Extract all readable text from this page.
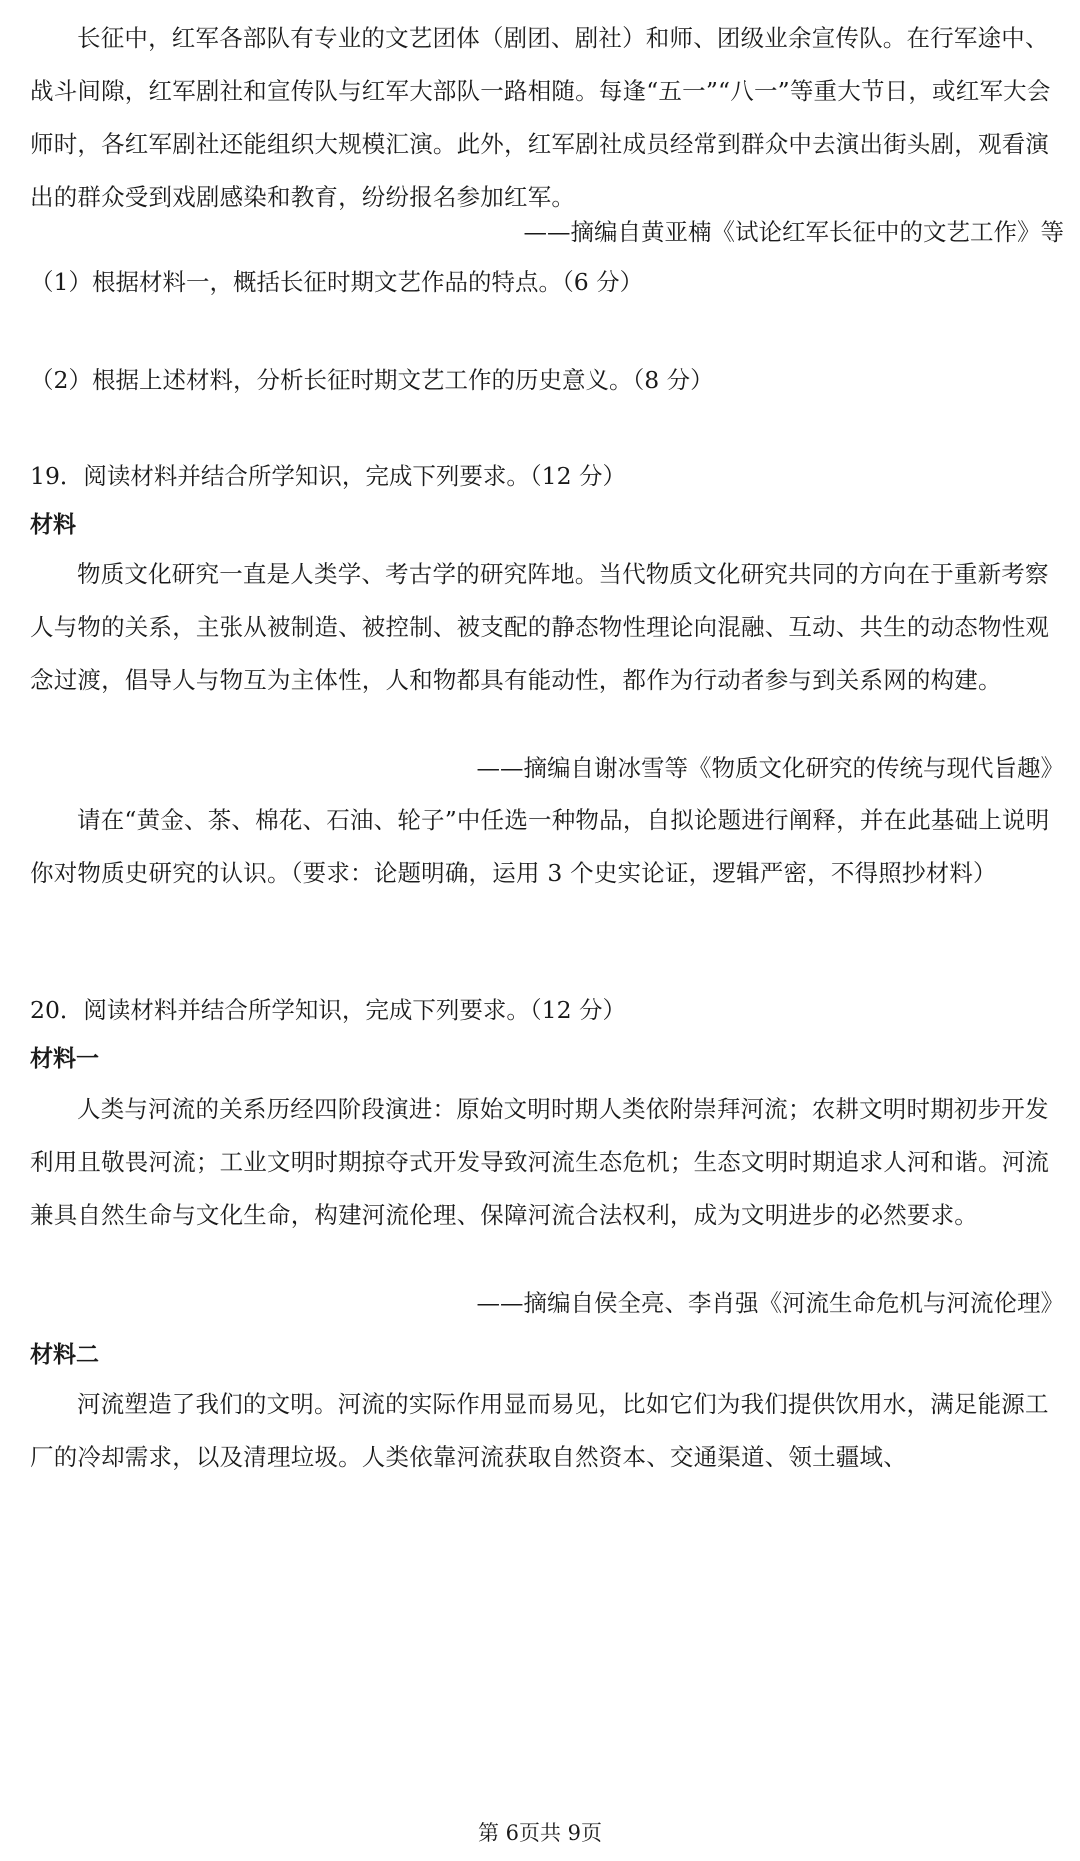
长征中，红军各部队有专业的文艺团体（剧团、剧社）和师、团级业余宣传队。在行军途中、战斗间隙，红军剧社和宣传队与红军大部队一路相随。每逢“五一”“八一”等重大节日，或红军大会师时，各红军剧社还能组织大规模汇演。此外，红军剧社成员经常到群众中去演出街头剧，观看演出的群众受到戏剧感染和教育，纷纷报名参加红军。

——摘编自黄亚楠《试论红军长征中的文艺工作》等

（1）根据材料一，概括长征时期文艺作品的特点。（6 分）

（2）根据上述材料，分析长征时期文艺工作的历史意义。（8 分）

19．阅读材料并结合所学知识，完成下列要求。（12 分）

材料

物质文化研究一直是人类学、考古学的研究阵地。当代物质文化研究共同的方向在于重新考察人与物的关系，主张从被制造、被控制、被支配的静态物性理论向混融、互动、共生的动态物性观念过渡，倡导人与物互为主体性，人和物都具有能动性，都作为行动者参与到关系网的构建。

——摘编自谢冰雪等《物质文化研究的传统与现代旨趣》

请在“黄金、茶、棉花、石油、轮子”中任选一种物品，自拟论题进行阐释，并在此基础上说明你对物质史研究的认识。（要求：论题明确，运用 3 个史实论证，逻辑严密，不得照抄材料）

20．阅读材料并结合所学知识，完成下列要求。（12 分）

材料一

人类与河流的关系历经四阶段演进：原始文明时期人类依附崇拜河流；农耕文明时期初步开发利用且敬畏河流；工业文明时期掠夺式开发导致河流生态危机；生态文明时期追求人河和谐。河流兼具自然生命与文化生命，构建河流伦理、保障河流合法权利，成为文明进步的必然要求。

——摘编自侯全亮、李肖强《河流生命危机与河流伦理》

材料二

河流塑造了我们的文明。河流的实际作用显而易见，比如它们为我们提供饮用水，满足能源工厂的冷却需求，以及清理垃圾。人类依靠河流获取自然资本、交通渠道、领土疆域、

第 6页共 9页
